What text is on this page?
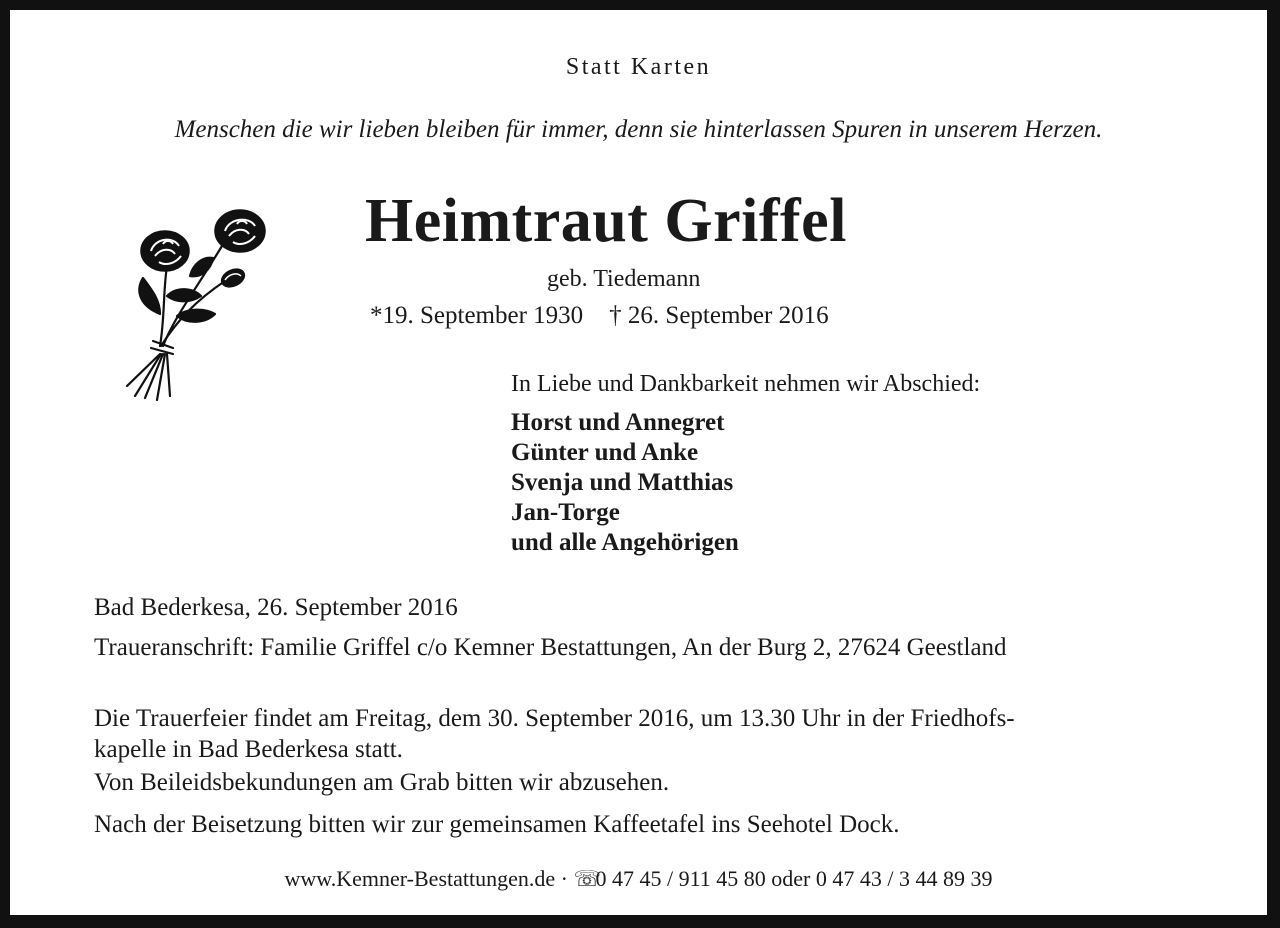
Statt Karten
Menschen die wir lieben bleiben für immer, denn sie hinterlassen Spuren in unserem Herzen.
Heimtraut Griffel
geb. Tiedemann
*19. September 1930 † 26. September 2016
In Liebe und Dankbarkeit nehmen wir Abschied:
Horst und Annegret
Günter und Anke
Svenja und Matthias
Jan-Torge
und alle Angehörigen
Bad Bederkesa, 26. September 2016
Traueranschrift: Familie Griffel c/o Kemner Bestattungen, An der Burg 2, 27624 Geestland
Die Trauerfeier findet am Freitag, dem 30. September 2016, um 13.30 Uhr in der Friedhofs-
kapelle in Bad Bederkesa statt.
Von Beileidsbekundungen am Grab bitten wir abzusehen.
Nach der Beisetzung bitten wir zur gemeinsamen Kaffeetafel ins Seehotel Dock.
www.Kemner-Bestattungen.de · ☏0 47 45 / 911 45 80 oder 0 47 43 / 3 44 89 39
